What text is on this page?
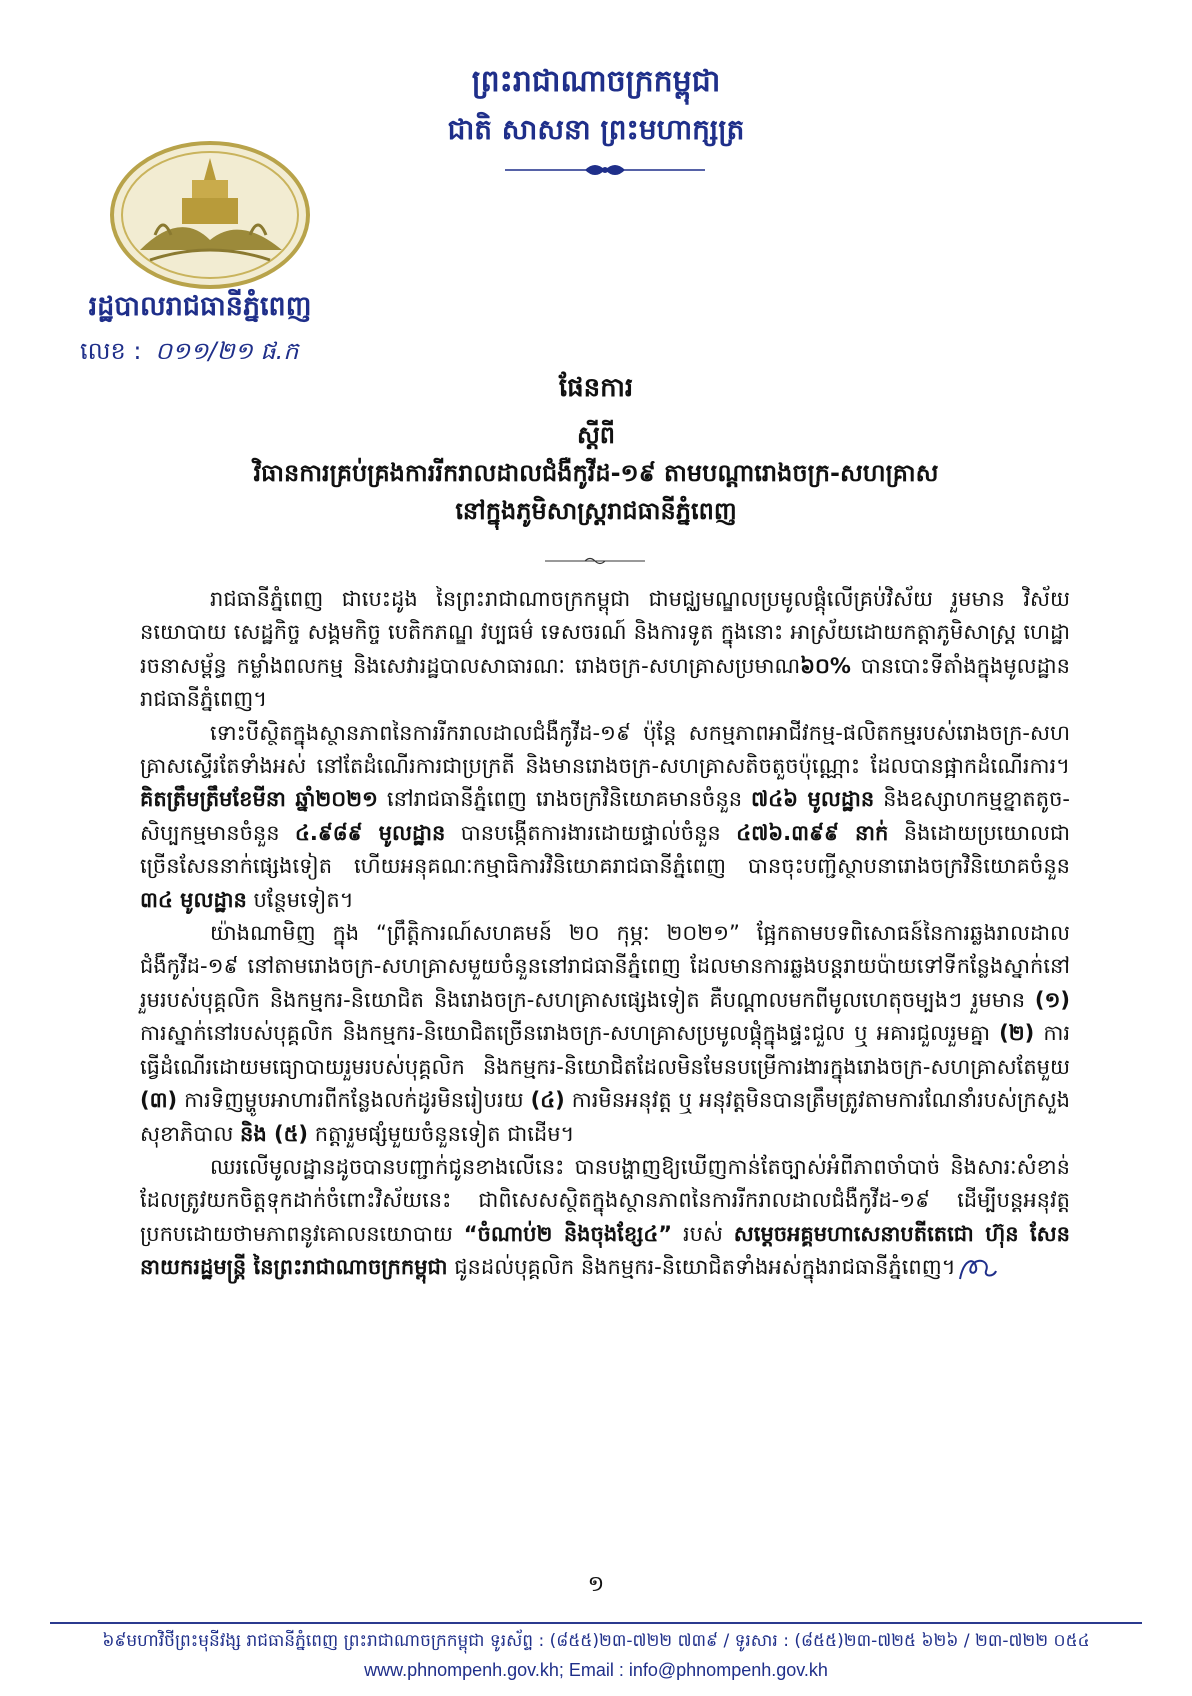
ព្រះរាជាណាចក្រកម្ពុជា
ជាតិ សាសនា ព្រះមហាក្សត្រ
រដ្ឋបាលរាជធានីភ្នំពេញ
លេខ : ០១១/២១ ផ.ក
ផែនការ
ស្តីពី
វិធានការគ្រប់គ្រងការរីករាលដាលជំងឺកូវីដ-១៩ តាមបណ្តារោងចក្រ-សហគ្រាស
នៅក្នុងភូមិសាស្ត្ររាជធានីភ្នំពេញ

រាជធានីភ្នំពេញ ជាបេះដូង នៃព្រះរាជាណាចក្រកម្ពុជា ជាមជ្ឈមណ្ឌលប្រមូលផ្តុំលើគ្រប់វិស័យ រួមមាន វិស័យនយោបាយ សេដ្ឋកិច្ច សង្គមកិច្ច បេតិកភណ្ឌ វប្បធម៌ ទេសចរណ៍ និងការទូត ក្នុងនោះ អាស្រ័យដោយកត្តាភូមិសាស្ត្រ ហេដ្ឋារចនាសម្ព័ន្ធ កម្លាំងពលកម្ម និងសេវារដ្ឋបាលសាធារណៈ រោងចក្រ-សហគ្រាសប្រមាណ៦០% បានបោះទីតាំងក្នុងមូលដ្ឋានរាជធានីភ្នំពេញ។

ទោះបីស្ថិតក្នុងស្ថានភាពនៃការរីករាលដាលជំងឺកូវីដ-១៩ ប៉ុន្តែ សកម្មភាពអាជីវកម្ម-ផលិតកម្មរបស់រោងចក្រ-សហគ្រាសស្ទើរតែទាំងអស់ នៅតែដំណើរការជាប្រក្រតី និងមានរោងចក្រ-សហគ្រាសតិចតួចប៉ុណ្ណោះ ដែលបានផ្អាកដំណើរការ។ គិតត្រឹមត្រឹមខែមីនា ឆ្នាំ២០២១ នៅរាជធានីភ្នំពេញ រោងចក្រវិនិយោគមានចំនួន ៧៤៦ មូលដ្ឋាន និងឧស្សាហកម្មខ្នាតតូច-សិប្បកម្មមានចំនួន ៤.៩៨៩ មូលដ្ឋាន បានបង្កើតការងារដោយផ្ទាល់ចំនួន ៤៧៦.៣៩៩ នាក់ និងដោយប្រយោលជាច្រើនសែននាក់ផ្សេងទៀត ហើយអនុគណៈកម្មាធិការវិនិយោគរាជធានីភ្នំពេញ បានចុះបញ្ជីស្ថាបនារោងចក្រវិនិយោគចំនួន ៣៤ មូលដ្ឋាន បន្ថែមទៀត។

យ៉ាងណាមិញ ក្នុង “ព្រឹត្តិការណ៍សហគមន៍ ២០ កុម្ភៈ ២០២១” ផ្អែកតាមបទពិសោធន៍នៃការឆ្លងរាលដាលជំងឺកូវីដ-១៩ នៅតាមរោងចក្រ-សហគ្រាសមួយចំនួននៅរាជធានីភ្នំពេញ ដែលមានការឆ្លងបន្តរាយប៉ាយទៅទីកន្លែងស្នាក់នៅរួមរបស់បុគ្គលិក និងកម្មករ-និយោជិត និងរោងចក្រ-សហគ្រាសផ្សេងទៀត គឺបណ្តាលមកពីមូលហេតុចម្បងៗ រួមមាន (១) ការស្នាក់នៅរបស់បុគ្គលិក និងកម្មករ-និយោជិតច្រើនរោងចក្រ-សហគ្រាសប្រមូលផ្តុំក្នុងផ្ទះជួល ឬ អគារជួលរួមគ្នា (២) ការធ្វើដំណើរដោយមធ្យោបាយរួមរបស់បុគ្គលិក និងកម្មករ-និយោជិតដែលមិនមែនបម្រើការងារក្នុងរោងចក្រ-សហគ្រាសតែមួយ (៣) ការទិញម្ហូបអាហារពីកន្លែងលក់ដូរមិនរៀបរយ (៤) ការមិនអនុវត្ត ឬ អនុវត្តមិនបានត្រឹមត្រូវតាមការណែនាំរបស់ក្រសួងសុខាភិបាល និង (៥) កត្តារួមផ្សំមួយចំនួនទៀត ជាដើម។

ឈរលើមូលដ្ឋានដូចបានបញ្ជាក់ជូនខាងលើនេះ បានបង្ហាញឱ្យឃើញកាន់តែច្បាស់អំពីភាពចាំបាច់ និងសារៈសំខាន់ដែលត្រូវយកចិត្តទុកដាក់ចំពោះវិស័យនេះ ជាពិសេសស្ថិតក្នុងស្ថានភាពនៃការរីករាលដាលជំងឺកូវីដ-១៩ ដើម្បីបន្តអនុវត្តប្រកបដោយថាមភាពនូវគោលនយោបាយ “ចំណាប់២ និងចុងខ្សែ៤” របស់ សម្តេចអគ្គមហាសេនាបតីតេជោ ហ៊ុន សែន នាយករដ្ឋមន្ត្រី នៃព្រះរាជាណាចក្រកម្ពុជា ជូនដល់បុគ្គលិក និងកម្មករ-និយោជិតទាំងអស់ក្នុងរាជធានីភ្នំពេញ។

១
៦៩មហាវិថីព្រះមុនីវង្ស រាជធានីភ្នំពេញ ព្រះរាជាណាចក្រកម្ពុជា ទូរស័ព្ទ : (៨៥៥)២៣-៧២២ ៧៣៩ / ទូរសារ : (៨៥៥)២៣-៧២៥ ៦២៦ / ២៣-៧២២ ០៥៤
www.phnompenh.gov.kh; Email : info@phnompenh.gov.kh
